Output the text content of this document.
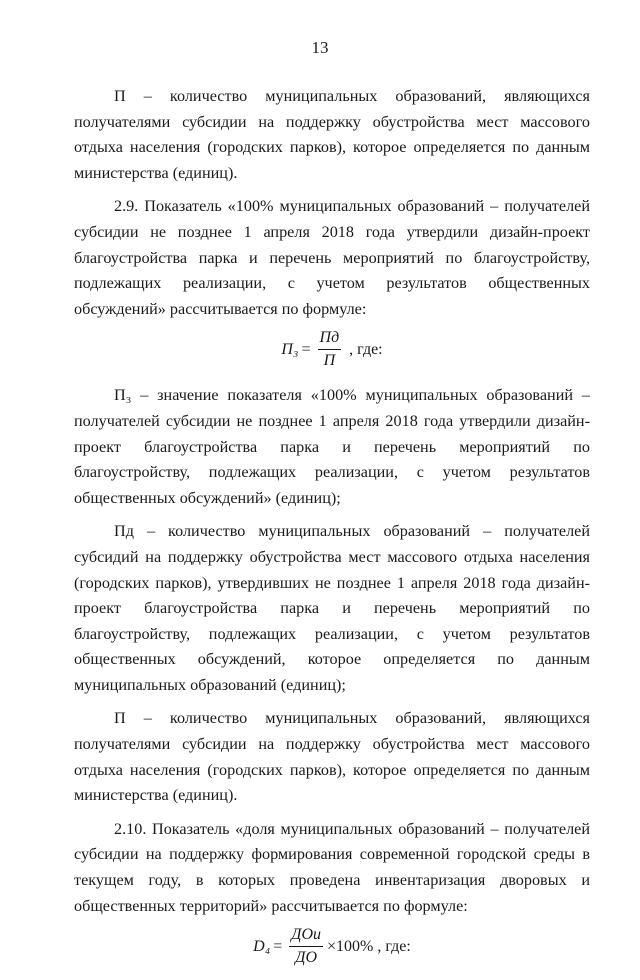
13

П – количество муниципальных образований, являющихся получателями субсидии на поддержку обустройства мест массового отдыха населения (городских парков), которое определяется по данным министерства (единиц).

2.9. Показатель «100% муниципальных образований – получателей субсидии не позднее 1 апреля 2018 года утвердили дизайн-проект благоустройства парка и перечень мероприятий по благоустройству, подлежащих реализации, с учетом результатов общественных обсуждений» рассчитывается по формуле:

$П_3 = \frac{Пд}{П}$ , где:

П₃ – значение показателя «100% муниципальных образований – получателей субсидии не позднее 1 апреля 2018 года утвердили дизайн-проект благоустройства парка и перечень мероприятий по благоустройству, подлежащих реализации, с учетом результатов общественных обсуждений» (единиц);

Пд – количество муниципальных образований – получателей субсидий на поддержку обустройства мест массового отдыха населения (городских парков), утвердивших не позднее 1 апреля 2018 года дизайн-проект благоустройства парка и перечень мероприятий по благоустройству, подлежащих реализации, с учетом результатов общественных обсуждений, которое определяется по данным муниципальных образований (единиц);

П – количество муниципальных образований, являющихся получателями субсидии на поддержку обустройства мест массового отдыха населения (городских парков), которое определяется по данным министерства (единиц).

2.10. Показатель «доля муниципальных образований – получателей субсидии на поддержку формирования современной городской среды в текущем году, в которых проведена инвентаризация дворовых и общественных территорий» рассчитывается по формуле:

$D_4 = \frac{\text{ДОи}}{ДО} \times 100\%$ , где:
